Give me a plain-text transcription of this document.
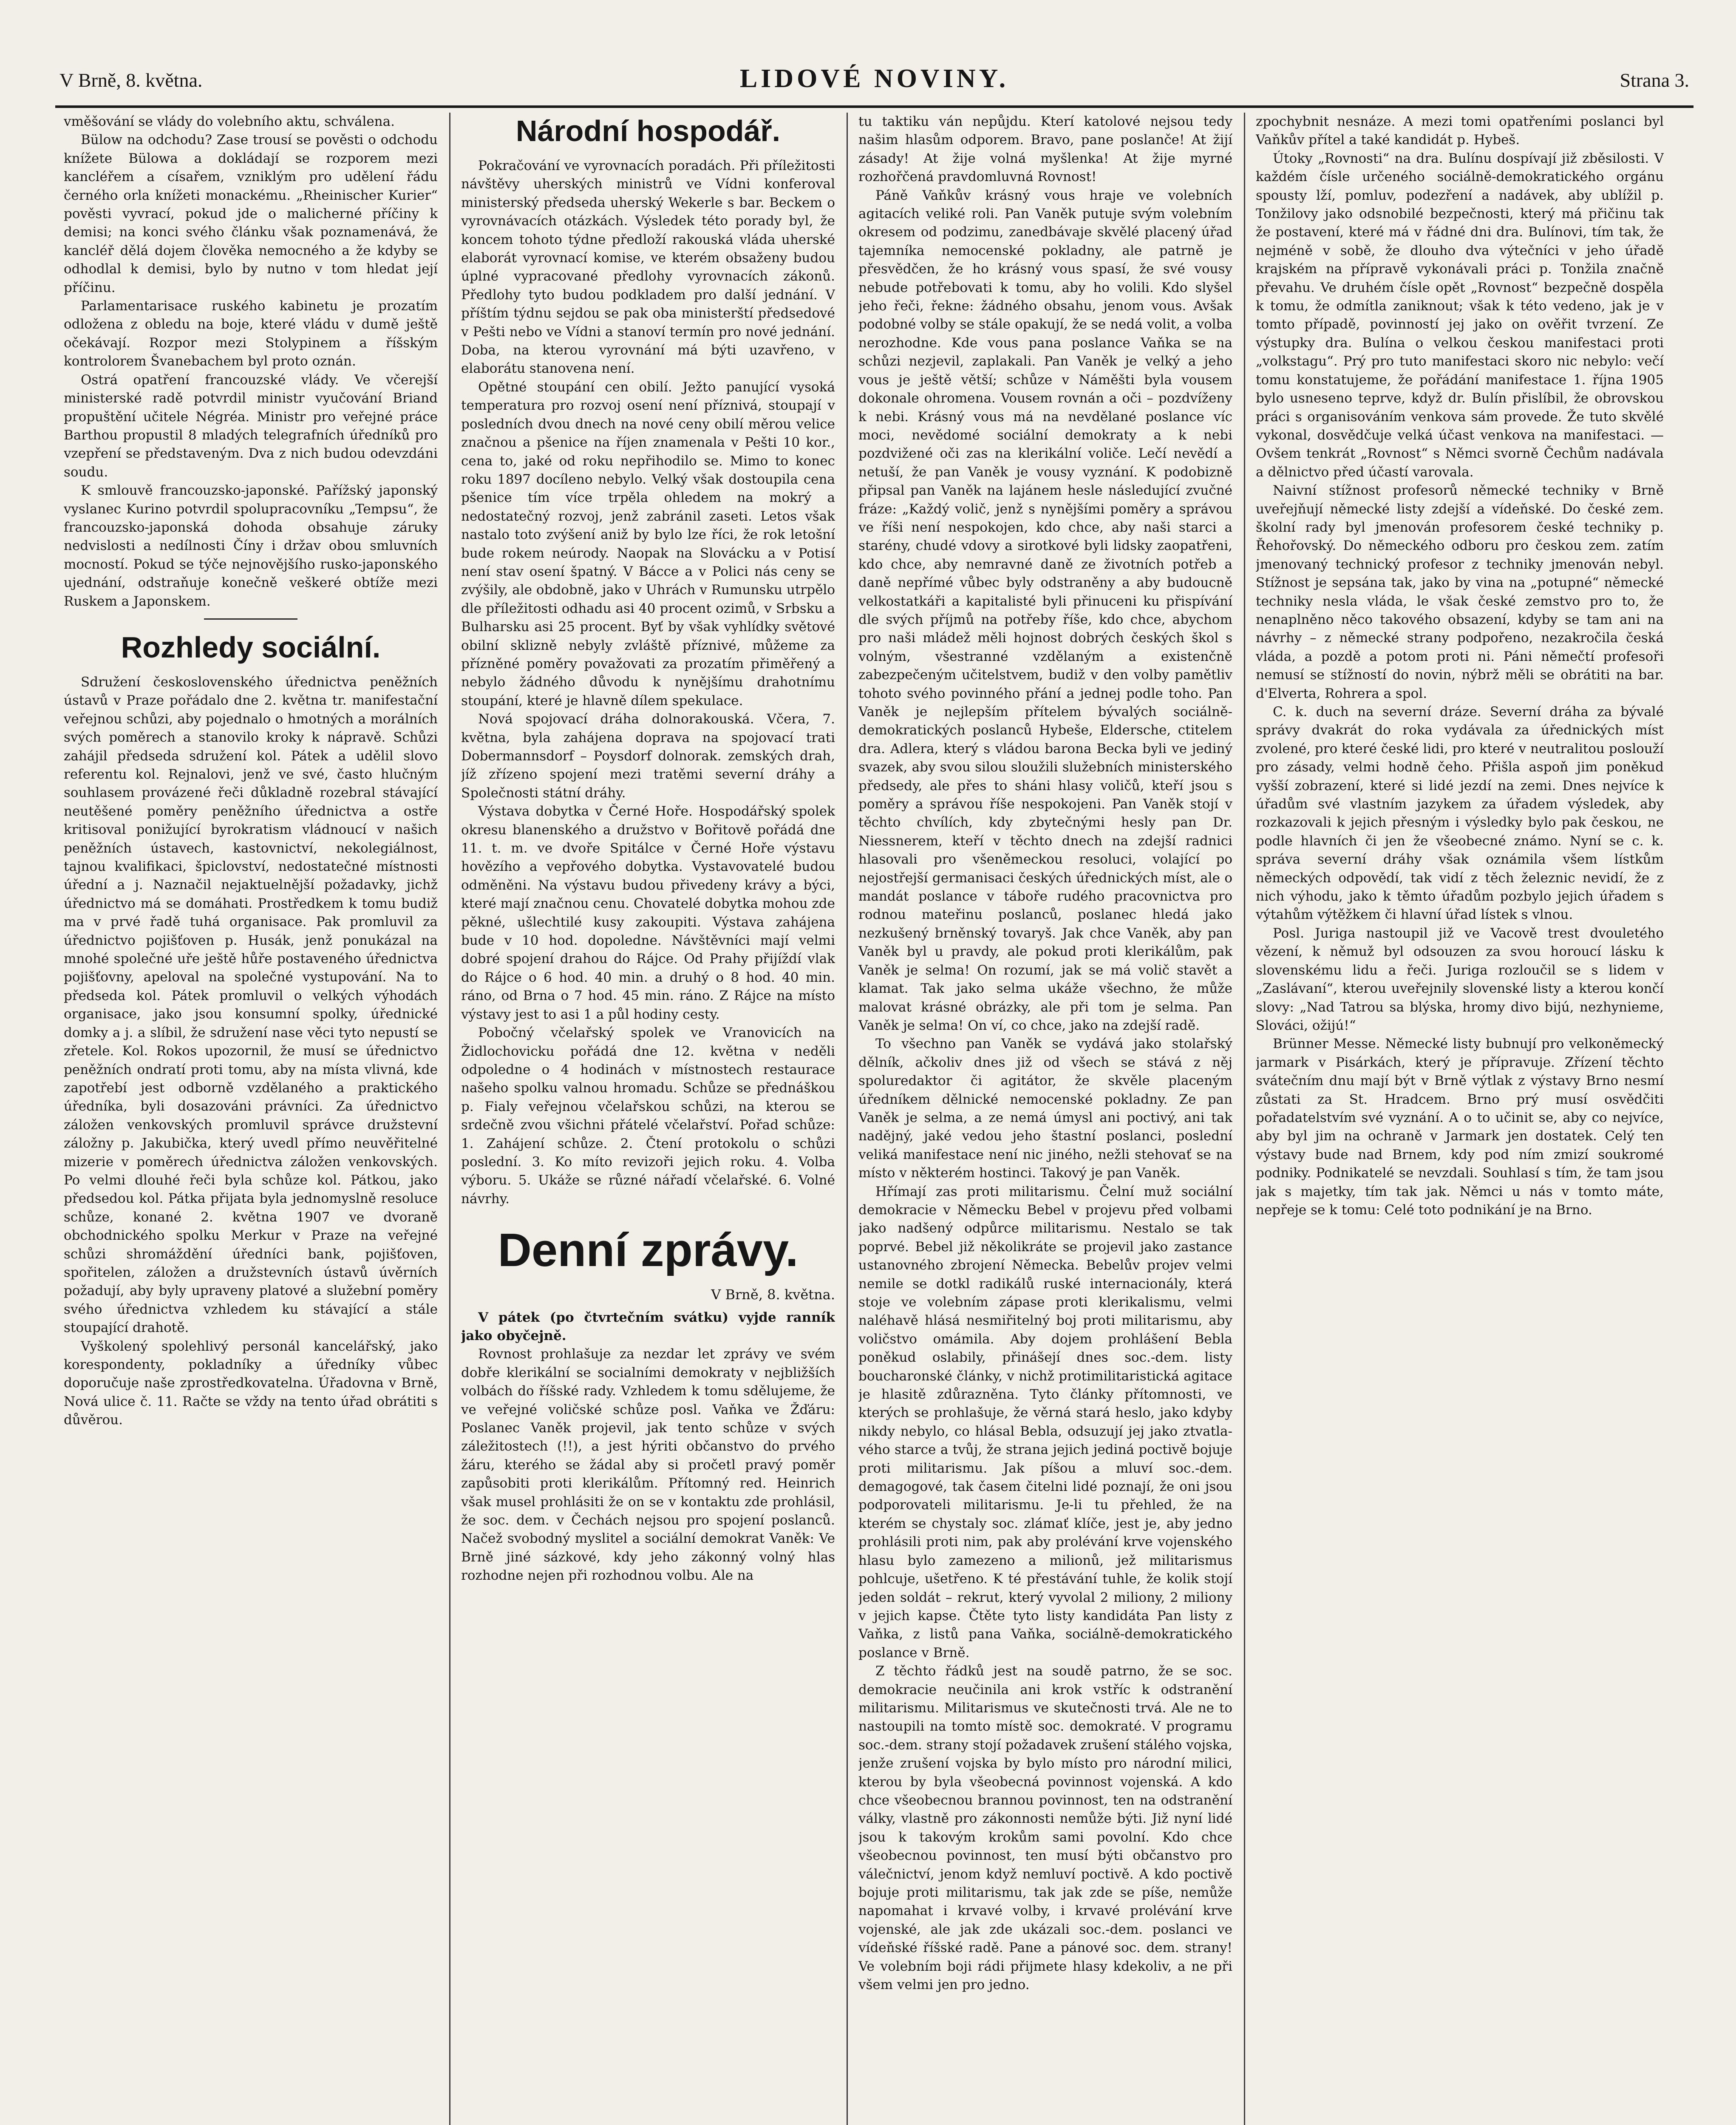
V Brně, 8. května.	LIDOVÉ NOVINY.	Strana 3.

vměšování se vlády do volebního aktu, schválena.

Bülow na odchodu? Zase trousí se pověsti o odchodu knížete Bülowa a dokládají se rozporem mezi kancléřem a císařem, vzniklým pro udělení řádu černého orla knížeti monackému. „Rheinischer Kurier“ pověsti vyvrací, pokud jde o malicherné příčiny k demisi; na konci svého článku však poznamenává, že kancléř dělá dojem člověka nemocného a že kdyby se odhodlal k demisi, bylo by nutno v tom hledat její příčinu.

Parlamentarisace ruského kabinetu je prozatím odložena z obledu na boje, které vládu v dumě ještě očekávají. Rozpor mezi Stolypinem a říšským kontrolorem Švanebachem byl proto oznán.

Ostrá opatření francouzské vlády. Ve včerejší ministerské radě potvrdil ministr vyučování Briand propuštění učitele Négréa. Ministr pro veřejné práce Barthou propustil 8 mladých telegrafních úředníků pro vzepření se představeným. Dva z nich budou odevzdáni soudu.

K smlouvě francouzsko-japonské. Pařížský japonský vyslanec Kurino potvrdil spolupracovníku „Tempsu“, že francouzsko-japonská dohoda obsahuje záruky nedvislosti a nedílnosti Číny i držav obou smluvních mocností. Pokud se týče nejnovějšího rusko-japonského ujednání, odstraňuje konečně veškeré obtíže mezi Ruskem a Japonskem.

Rozhledy sociální.

Sdružení československého úřednictva peněžních ústavů v Praze pořádalo dne 2. května tr. manifestační veřejnou schůzi, aby pojednalo o hmotných a morálních svých poměrech a stanovilo kroky k nápravě. Schůzi zahájil předseda sdružení kol. Pátek a udělil slovo referentu kol. Rejnalovi, jenž ve své, často hlučným souhlasem provázené řeči důkladně rozebral stávající neutěšené poměry peněžního úřednictva a ostře kritisoval ponižující byrokratism vládnoucí v našich peněžních ústavech, kastovnictví, nekolegiálnost, tajnou kvalifikaci, špiclovství, nedostatečné místnosti úřední a j. Naznačil nejaktuelnější požadavky, jichž úřednictvo má se domáhati. Prostředkem k tomu budiž ma v prvé řadě tuhá organisace. Pak promluvil za úřednictvo pojišťoven p. Husák, jenž ponukázal na mnohé společné uře ještě hůře postaveného úřednictva pojišťovny, apeloval na společné vystupování. Na to předseda kol. Pátek promluvil o velkých výhodách organisace, jako jsou konsumní spolky, úřednické domky a j. a slíbil, že sdružení nase věci tyto nepustí se zřetele. Kol. Rokos upozornil, že musí se úřednictvo peněžních ondratí proti tomu, aby na místa vlivná, kde zapotřebí jest odborně vzdělaného a praktického úředníka, byli dosazováni právníci. Za úřednictvo záložen venkovských promluvil správce družstevní záložny p. Jakubička, který uvedl přímo neuvěřitelné mizerie v poměrech úřednictva záložen venkovských. Po velmi dlouhé řeči byla schůze kol. Pátkou, jako předsedou kol. Pátka přijata byla jednomyslně resoluce schůze, konané 2. května 1907 ve dvoraně obchodnického spolku Merkur v Praze na veřejné schůzi shromáždění úředníci bank, pojišťoven, spořitelen, záložen a družstevních ústavů úvěrních požadují, aby byly upraveny platové a služební poměry svého úřednictva vzhledem ku stávající a stále stoupající drahotě.

Vyškolený spolehlivý personál kancelářský, jako korespondenty, pokladníky a úředníky vůbec doporučuje naše zprostředkovatelna. Úřadovna v Brně, Nová ulice č. 11. Račte se vždy na tento úřad obrátiti s důvěrou.

Národní hospodář.

Pokračování ve vyrovnacích poradách. Při příležitosti návštěvy uherských ministrů ve Vídni konferoval ministerský předseda uherský Wekerle s bar. Beckem o vyrovnávacích otázkách. Výsledek této porady byl, že koncem tohoto týdne předloží rakouská vláda uherské elaborát vyrovnací komise, ve kterém obsaženy budou úplné vypracované předlohy vyrovnacích zákonů. Předlohy tyto budou podkladem pro další jednání. V příštím týdnu sejdou se pak oba ministerští předsedové v Pešti nebo ve Vídni a stanoví termín pro nové jednání. Doba, na kterou vyrovnání má býti uzavřeno, v elaborátu stanovena není.

Opětné stoupání cen obilí. Ježto panující vysoká temperatura pro rozvoj osení není příznivá, stoupají v posledních dvou dnech na nové ceny obilí měrou velice značnou a pšenice na říjen znamenala v Pešti 10 kor., cena to, jaké od roku nepřihodilo se. Mimo to konec roku 1897 docíleno nebylo. Velký však dostoupila cena pšenice tím více trpěla ohledem na mokrý a nedostatečný rozvoj, jenž zabránil zaseti. Letos však nastalo toto zvýšení aniž by bylo lze říci, že rok letošní bude rokem neúrody. Naopak na Slovácku a v Potisí není stav osení špatný. V Bácce a v Polici nás ceny se zvýšily, ale obdobně, jako v Uhrách v Rumunsku utrpělo dle příležitosti odhadu asi 40 procent ozimů, v Srbsku a Bulharsku asi 25 procent. Byť by však vyhlídky světové obilní sklizně nebyly zvláště příznivé, můžeme za přízněné poměry považovati za prozatím přiměřený a nebylo žádného důvodu k nynějšímu drahotnímu stoupání, které je hlavně dílem spekulace.

Nová spojovací dráha dolnorakouská. Včera, 7. května, byla zahájena doprava na spojovací trati Dobermannsdorf – Poysdorf dolnorak. zemských drah, jíž zřízeno spojení mezi tratěmi severní dráhy a Společnosti státní dráhy.

Výstava dobytka v Černé Hoře. Hospodářský spolek okresu blanenského a družstvo v Bořitově pořádá dne 11. t. m. ve dvoře Spitálce v Černé Hoře výstavu hovězího a vepřového dobytka. Vystavovatelé budou odměněni. Na výstavu budou přivedeny krávy a býci, které mají značnou cenu. Chovatelé dobytka mohou zde pěkné, ušlechtilé kusy zakoupiti. Výstava zahájena bude v 10 hod. dopoledne. Návštěvníci mají velmi dobré spojení drahou do Rájce. Od Prahy přijíždí vlak do Rájce o 6 hod. 40 min. a druhý o 8 hod. 40 min. ráno, od Brna o 7 hod. 45 min. ráno. Z Rájce na místo výstavy jest to asi 1 a půl hodiny cesty.

Pobočný včelařský spolek ve Vranovicích na Židlochovicku pořádá dne 12. května v neděli odpoledne o 4 hodinách v místnostech restaurace našeho spolku valnou hromadu. Schůze se přednáškou p. Fialy veřejnou včelařskou schůzi, na kterou se srdečně zvou všichni přátelé včelařství. Pořad schůze: 1. Zahájení schůze. 2. Čtení protokolu o schůzi poslední. 3. Ko míto revizoři jejich roku. 4. Volba výboru. 5. Ukáže se různé nářadí včelařské. 6. Volné návrhy.

Denní zprávy.
V Brně, 8. května.

V pátek (po čtvrtečním svátku) vyjde ranník jako obyčejně.

Rovnost prohlašuje za nezdar let zprávy ve svém dobře klerikální se socialními demokraty v nejbližších volbách do říšské rady. Vzhledem k tomu sdělujeme, že ve veřejné voličské schůze posl. Vaňka ve Žďáru: Poslanec Vaněk projevil, jak tento schůze v svých záležitostech (!!), a jest hýriti občanstvo do prvého žáru, kterého se žádal aby si pročetl pravý poměr zapůsobiti proti klerikálům. Přítomný red. Heinrich však musel prohlásiti že on se v kontaktu zde prohlásil, že soc. dem. v Čechách nejsou pro spojení poslanců. Načež svobodný myslitel a sociální demokrat Vaněk: Ve Brně jiné sázkové, kdy jeho zákonný volný hlas rozhodne nejen při rozhodnou volbu. Ale na

tu taktiku ván nepůjdu. Kterí katolové nejsou tedy našim hlasům odporem. Bravo, pane poslanče! At žijí zásady! At žije volná myšlenka! At žije myrné rozhořčená pravdomluvná Rovnost!

Páně Vaňkův krásný vous hraje ve volebních agitacích veliké roli. Pan Vaněk putuje svým volebním okresem od podzimu, zanedbávaje skvělé placený úřad tajemníka nemocenské pokladny, ale patrně je přesvědčen, že ho krásný vous spasí, že své vousy nebude potřebovati k tomu, aby ho volili. Kdo slyšel jeho řeči, řekne: žádného obsahu, jenom vous. Avšak podobné volby se stále opakují, že se nedá volit, a volba nerozhodne. Kde vous pana poslance Vaňka se na schůzi nezjevil, zaplakali. Pan Vaněk je velký a jeho vous je ještě větší; schůze v Náměšti byla vousem dokonale ohromena. Vousem rovnán a oči – pozdvíženy k nebi. Krásný vous má na nevdělané poslance víc moci, nevědomé sociální demokraty a k nebi pozdvižené oči zas na klerikální voliče. Lečí nevědí a netuší, že pan Vaněk je vousy vyznání. K podobizně připsal pan Vaněk na lajánem hesle následující zvučné fráze: „Každý volič, jenž s nynějšími poměry a správou ve říši není nespokojen, kdo chce, aby naši starci a starény, chudé vdovy a sirotkové byli lidsky zaopatřeni, kdo chce, aby nemravné daně ze životních potřeb a daně nepřímé vůbec byly odstraněny a aby budoucně velkostatkáři a kapitalisté byli přinuceni ku přispívání dle svých příjmů na potřeby říše, kdo chce, abychom pro naši mládež měli hojnost dobrých českých škol s volným, všestranné vzdělaným a existenčně zabezpečeným učitelstvem, budiž v den volby pamětliv tohoto svého povinného přání a jednej podle toho. Pan Vaněk je nejlepším přítelem bývalých sociálně-demokratických poslanců Hybeše, Eldersche, ctitelem dra. Adlera, který s vládou barona Becka byli ve jediný svazek, aby svou silou sloužili služebních ministerského předsedy, ale přes to sháni hlasy voličů, kteří jsou s poměry a správou říše nespokojeni. Pan Vaněk stojí v těchto chvílích, kdy zbytečnými hesly pan Dr. Niessnerem, kteří v těchto dnech na zdejší radnici hlasovali pro všeněmeckou resoluci, volající po nejostřejší germanisaci českých úřednických míst, ale o mandát poslance v táboře rudého pracovnictva pro rodnou mateřinu poslanců, poslanec hledá jako nezkušený brněnský tovaryš. Jak chce Vaněk, aby pan Vaněk byl u pravdy, ale pokud proti klerikálům, pak Vaněk je selma! On rozumí, jak se má volič stavět a klamat. Tak jako selma ukáže všechno, že může malovat krásné obrázky, ale při tom je selma. Pan Vaněk je selma! On ví, co chce, jako na zdejší radě.

To všechno pan Vaněk se vydává jako stolařský dělník, ačkoliv dnes již od všech se stává z něj spoluredaktor či agitátor, že skvěle placeným úředníkem dělnické nemocenské pokladny. Ze pan Vaněk je selma, a ze nemá úmysl ani poctivý, ani tak nadějný, jaké vedou jeho štastní poslanci, poslední veliká manifestace není nic jiného, nežli stehovať se na místo v některém hostinci. Takový je pan Vaněk.

Hřímají zas proti militarismu. Čelní muž sociální demokracie v Německu Bebel v projevu před volbami jako nadšený odpůrce militarismu. Nestalo se tak poprvé. Bebel již několikráte se projevil jako zastance ustanovného zbrojení Německa. Bebelův projev velmi nemile se dotkl radikálů ruské internacionály, která stoje ve volebním zápase proti klerikalismu, velmi naléhavě hlásá nesmiřitelný boj proti militarismu, aby voličstvo omámila. Aby dojem prohlášení Bebla poněkud oslabily, přinášejí dnes soc.-dem. listy boucharonské články, v nichž protimilitaristická agitace je hlasitě zdůrazněna. Tyto články přítomnosti, ve kterých se prohlašuje, že věrná stará heslo, jako kdyby nikdy nebylo, co hlásal Bebla, odsuzují jej jako ztvatlavého starce a tvůj, že strana jejich jediná poctivě bojuje proti militarismu. Jak píšou a mluví soc.-dem. demagogové, tak časem čitelni lidé poznají, že oni jsou podporovateli militarismu. Je-li tu přehled, že na kterém se chystaly soc. zlámať klíče, jest je, aby jedno prohlásili proti nim, pak aby prolévání krve vojenského hlasu bylo zamezeno a milionů, jež militarismus pohlcuje, ušetřeno. K té přestávání tuhle, že kolik stojí jeden soldát – rekrut, který vyvolal 2 miliony, 2 miliony v jejich kapse. Čtěte tyto listy kandidáta Pan listy z Vaňka, z listů pana Vaňka, sociálně-demokratického poslance v Brně.

Z těchto řádků jest na soudě patrno, že se soc. demokracie neučinila ani krok vstříc k odstranění militarismu. Militarismus ve skutečnosti trvá. Ale ne to nastoupili na tomto místě soc. demokraté. V programu soc.-dem. strany stojí požadavek zrušení stálého vojska, jenže zrušení vojska by bylo místo pro národní milici, kterou by byla všeobecná povinnost vojenská. A kdo chce všeobecnou brannou povinnost, ten na odstranění války, vlastně pro zákonnosti nemůže býti. Již nyní lidé jsou k takovým krokům sami povolní. Kdo chce všeobecnou povinnost, ten musí býti občanstvo pro válečnictví, jenom když nemluví poctivě. A kdo poctivě bojuje proti militarismu, tak jak zde se píše, nemůže napomahat i krvavé volby, i krvavé prolévání krve vojenské, ale jak zde ukázali soc.-dem. poslanci ve vídeňské říšské radě. Pane a pánové soc. dem. strany! Ve volebním boji rádi přijmete hlasy kdekoliv, a ne při všem velmi jen pro jedno.

zpochybnit nesnáze. A mezi tomi opatřeními poslanci byl Vaňkův přítel a také kandidát p. Hybeš.

Útoky „Rovnosti“ na dra. Bulínu dospívají již zběsilosti. V každém čísle určeného sociálně-demokratického orgánu spousty lží, pomluv, podezření a nadávek, aby ublížil p. Tonžilovy jako odsnobilé bezpečnosti, který má přičinu tak že postavení, které má v řádné dni dra. Bulínovi, tím tak, že nejméně v sobě, že dlouho dva výtečníci v jeho úřadě krajském na přípravě vykonávali práci p. Tonžila značně převahu. Ve druhém čísle opět „Rovnost“ bezpečně dospěla k tomu, že odmítla zaniknout; však k této vedeno, jak je v tomto případě, povinností jej jako on ověřit tvrzení. Ze výstupky dra. Bulína o velkou českou manifestaci proti „volkstagu“. Prý pro tuto manifestaci skoro nic nebylo: večí tomu konstatujeme, že pořádání manifestace 1. října 1905 bylo usneseno teprve, když dr. Bulín přislíbil, že obrovskou práci s organisováním venkova sám provede. Že tuto skvělé vykonal, dosvědčuje velká účast venkova na manifestaci. — Ovšem tenkrát „Rovnost“ s Němci svorně Čechům nadávala a dělnictvo před účastí varovala.

Naivní stížnost profesorů německé techniky v Brně uveřejňují německé listy zdejší a vídeňské. Do české zem. školní rady byl jmenován profesorem české techniky p. Řehořovský. Do německého odboru pro českou zem. zatím jmenovaný technický profesor z techniky jmenován nebyl. Stížnost je sepsána tak, jako by vina na „potupné“ německé techniky nesla vláda, le však české zemstvo pro to, že nenaplněno něco takového obsazení, kdyby se tam ani na návrhy – z německé strany podpořeno, nezakročila česká vláda, a pozdě a potom proti ni. Páni němečtí profesoři nemusí se stížností do novin, nýbrž měli se obrátiti na bar. d'Elverta, Rohrera a spol.

C. k. duch na severní dráze. Severní dráha za bývalé správy dvakrát do roka vydávala za úřednických míst zvolené, pro které české lidi, pro které v neutralitou poslouží pro zásady, velmi hodně čeho. Přišla aspoň jim poněkud vyšší zobrazení, které si lidé jezdí na zemi. Dnes nejvíce k úřadům své vlastním jazykem za úřadem výsledek, aby rozkazovali k jejich přesným i výsledky bylo pak českou, ne podle hlavních či jen že všeobecné známo. Nyní se c. k. správa severní dráhy však oznámila všem lístkům německých odpovědí, tak vidí z těch železnic nevidí, že z nich výhodu, jako k těmto úřadům pozbylo jejich úřadem s výtahům výtěžkem či hlavní úřad lístek s vlnou.

Posl. Juriga nastoupil již ve Vacově trest dvouletého vězení, k němuž byl odsouzen za svou horoucí lásku k slovenskému lidu a řeči. Juriga rozloučil se s lidem v „Zaslávaní“, kterou uveřejnily slovenské listy a kterou končí slovy: „Nad Tatrou sa blýska, hromy divo bijú, nezhynieme, Slováci, ožijú!“

Brünner Messe. Německé listy bubnují pro velkoněmecký jarmark v Pisárkách, který je přípravuje. Zřízení těchto svátečním dnu mají být v Brně výtlak z výstavy Brno nesmí zůstati za St. Hradcem. Brno prý musí osvědčiti pořadatelstvím své vyznání. A o to učinit se, aby co nejvíce, aby byl jim na ochraně v Jarmark jen dostatek. Celý ten výstavy bude nad Brnem, kdy pod ním zmizí soukromé podniky. Podnikatelé se nevzdali. Souhlasí s tím, že tam jsou jak s majetky, tím tak jak. Němci u nás v tomto máte, nepřeje se k tomu: Celé toto podnikání je na Brno.
